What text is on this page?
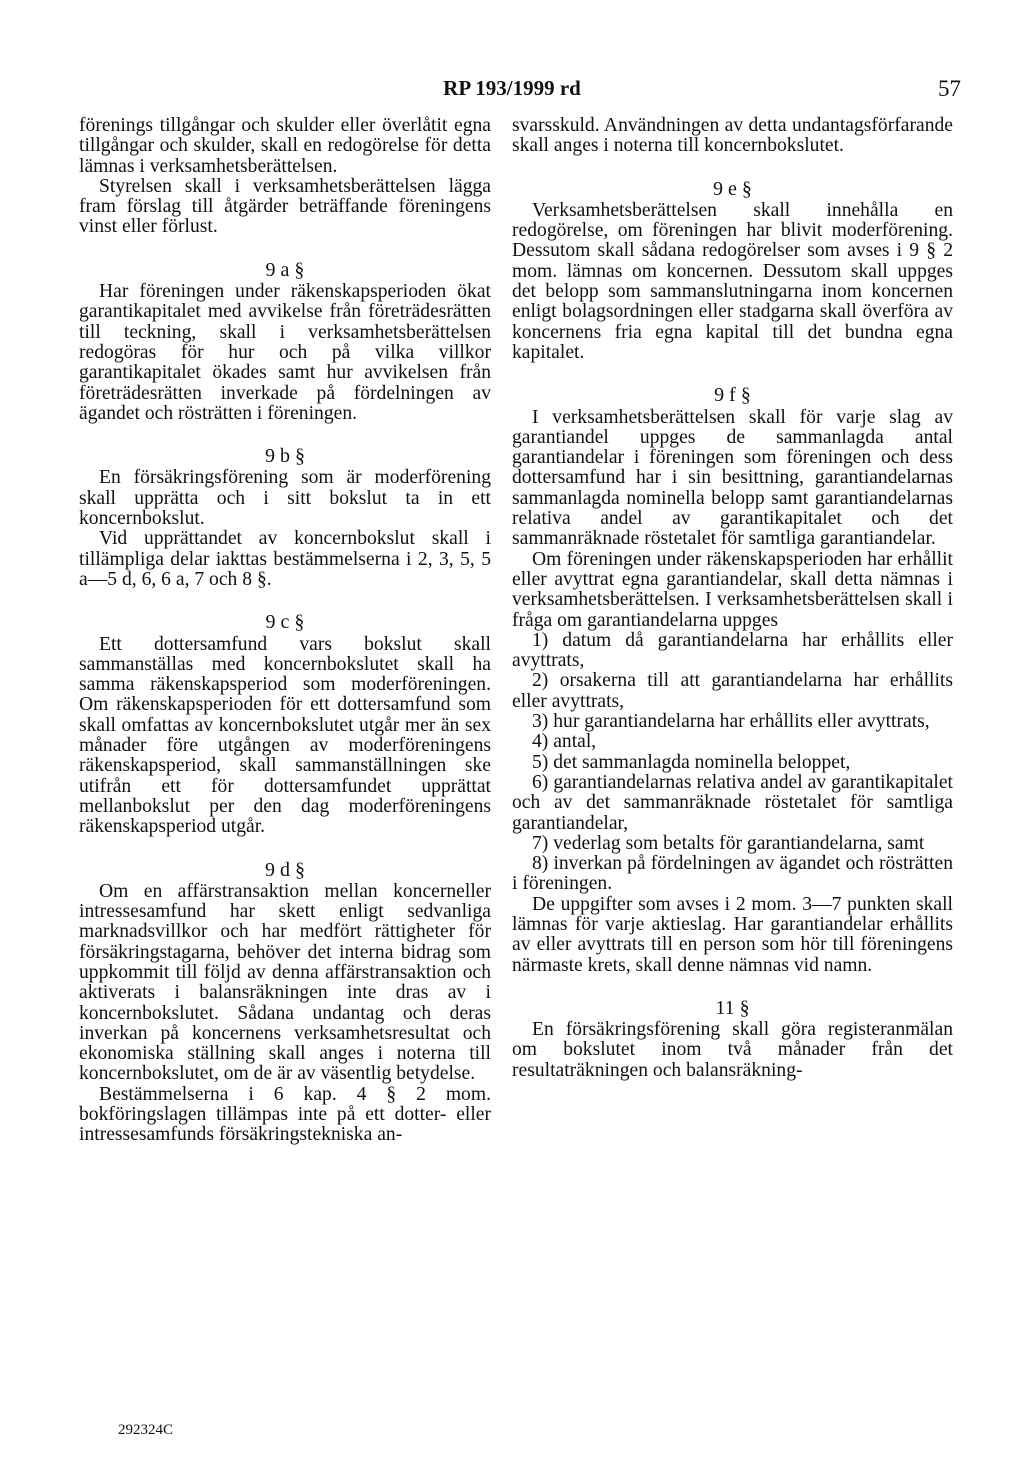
RP 193/1999 rd	57

förenings tillgångar och skulder eller överlåtit egna tillgångar och skulder, skall en redogörelse för detta lämnas i verksamhetsberättelsen.

Styrelsen skall i verksamhetsberättelsen lägga fram förslag till åtgärder beträffande föreningens vinst eller förlust.

9 a §

Har föreningen under räkenskapsperioden ökat garantikapitalet med avvikelse från företrädesrätten till teckning, skall i verksamhetsberättelsen redogöras för hur och på vilka villkor garantikapitalet ökades samt hur avvikelsen från företrädesrätten inverkade på fördelningen av ägandet och rösträtten i föreningen.

9 b §

En försäkringsförening som är moderförening skall upprätta och i sitt bokslut ta in ett koncernbokslut.

Vid upprättandet av koncernbokslut skall i tillämpliga delar iakttas bestämmelserna i 2, 3, 5, 5 a—5 d, 6, 6 a, 7 och 8 §.

9 c §

Ett dottersamfund vars bokslut skall sammanställas med koncernbokslutet skall ha samma räkenskapsperiod som moderföreningen. Om räkenskapsperioden för ett dottersamfund som skall omfattas av koncernbokslutet utgår mer än sex månader före utgången av moderföreningens räkenskapsperiod, skall sammanställningen ske utifrån ett för dottersamfundet upprättat mellanbokslut per den dag moderföreningens räkenskapsperiod utgår.

9 d §

Om en affärstransaktion mellan koncerneller intressesamfund har skett enligt sedvanliga marknadsvillkor och har medfört rättigheter för försäkringstagarna, behöver det interna bidrag som uppkommit till följd av denna affärstransaktion och aktiverats i balansräkningen inte dras av i koncernbokslutet. Sådana undantag och deras inverkan på koncernens verksamhetsresultat och ekonomiska ställning skall anges i noterna till koncernbokslutet, om de är av väsentlig betydelse.

Bestämmelserna i 6 kap. 4 § 2 mom. bokföringslagen tillämpas inte på ett dotter- eller intressesamfunds försäkringstekniska an-

svarsskuld. Användningen av detta undantagsförfarande skall anges i noterna till koncernbokslutet.

9 e §

Verksamhetsberättelsen skall innehålla en redogörelse, om föreningen har blivit moderförening. Dessutom skall sådana redogörelser som avses i 9 § 2 mom. lämnas om koncernen. Dessutom skall uppges det belopp som sammanslutningarna inom koncernen enligt bolagsordningen eller stadgarna skall överföra av koncernens fria egna kapital till det bundna egna kapitalet.

9 f §

I verksamhetsberättelsen skall för varje slag av garantiandel uppges de sammanlagda antal garantiandelar i föreningen som föreningen och dess dottersamfund har i sin besittning, garantiandelarnas sammanlagda nominella belopp samt garantiandelarnas relativa andel av garantikapitalet och det sammanräknade röstetalet för samtliga garantiandelar.

Om föreningen under räkenskapsperioden har erhållit eller avyttrat egna garantiandelar, skall detta nämnas i verksamhetsberättelsen. I verksamhetsberättelsen skall i fråga om garantiandelarna uppges

1) datum då garantiandelarna har erhållits eller avyttrats,

2) orsakerna till att garantiandelarna har erhållits eller avyttrats,

3) hur garantiandelarna har erhållits eller avyttrats,

4) antal,

5) det sammanlagda nominella beloppet,

6) garantiandelarnas relativa andel av garantikapitalet och av det sammanräknade röstetalet för samtliga garantiandelar,

7) vederlag som betalts för garantiandelarna, samt

8) inverkan på fördelningen av ägandet och rösträtten i föreningen.

De uppgifter som avses i 2 mom. 3—7 punkten skall lämnas för varje aktieslag. Har garantiandelar erhållits av eller avyttrats till en person som hör till föreningens närmaste krets, skall denne nämnas vid namn.

11 §

En försäkringsförening skall göra registeranmälan om bokslutet inom två månader från det resultaträkningen och balansräkning-

292324C
